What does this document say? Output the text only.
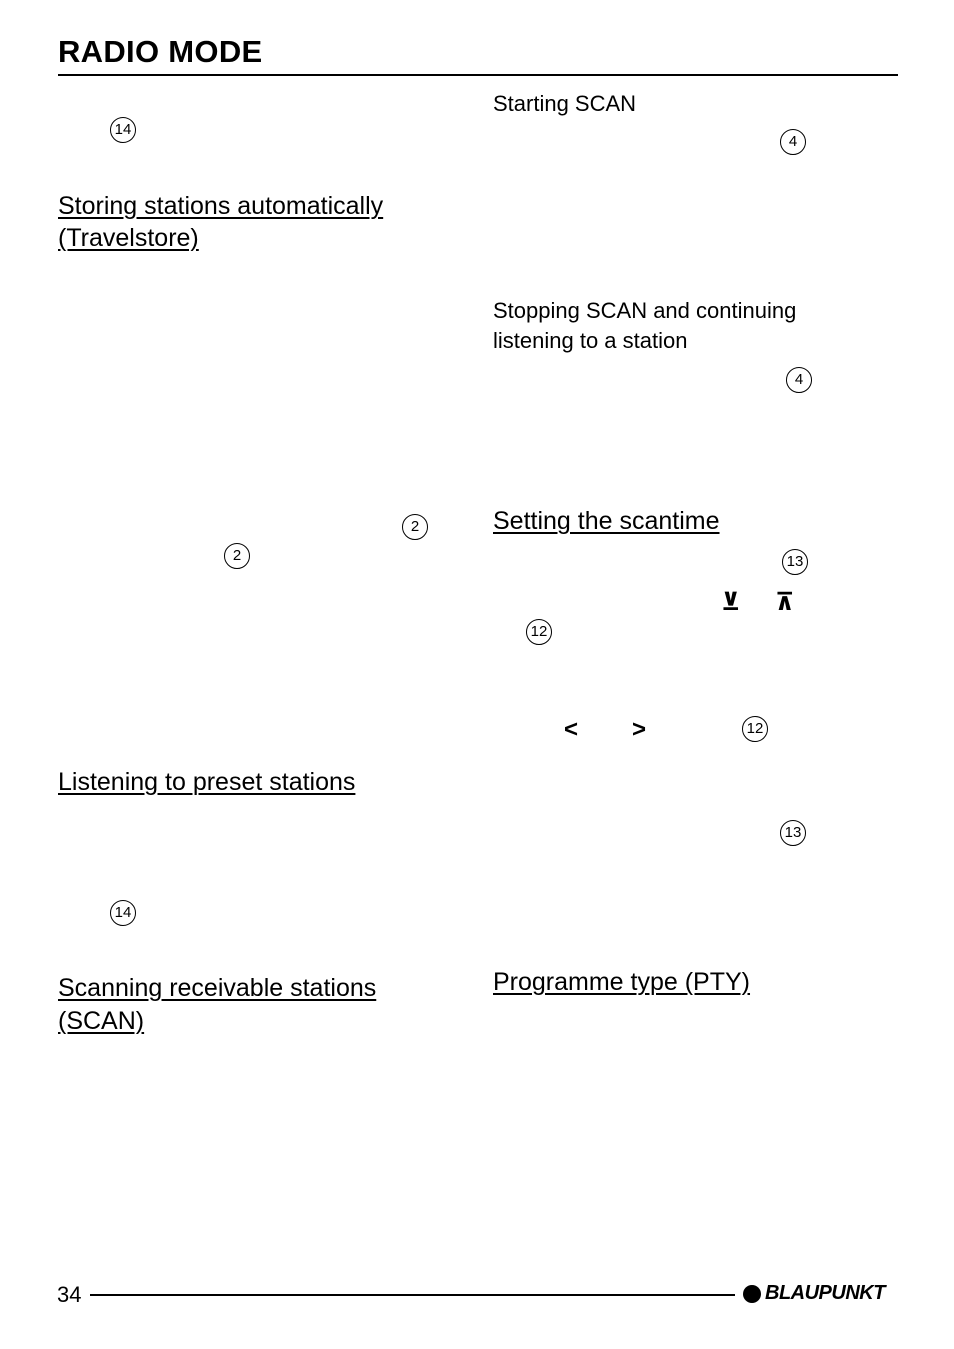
RADIO MODE
14
Storing stations automatically
(Travelstore)
2
2
Listening to preset stations
14
Scanning receivable stations
(SCAN)
Starting SCAN
4
Stopping SCAN and continuing
listening to a station
4
Setting the scantime
13
⊻ ⊼
12
< >	12
13
Programme type (PTY)
34	BLAUPUNKT
